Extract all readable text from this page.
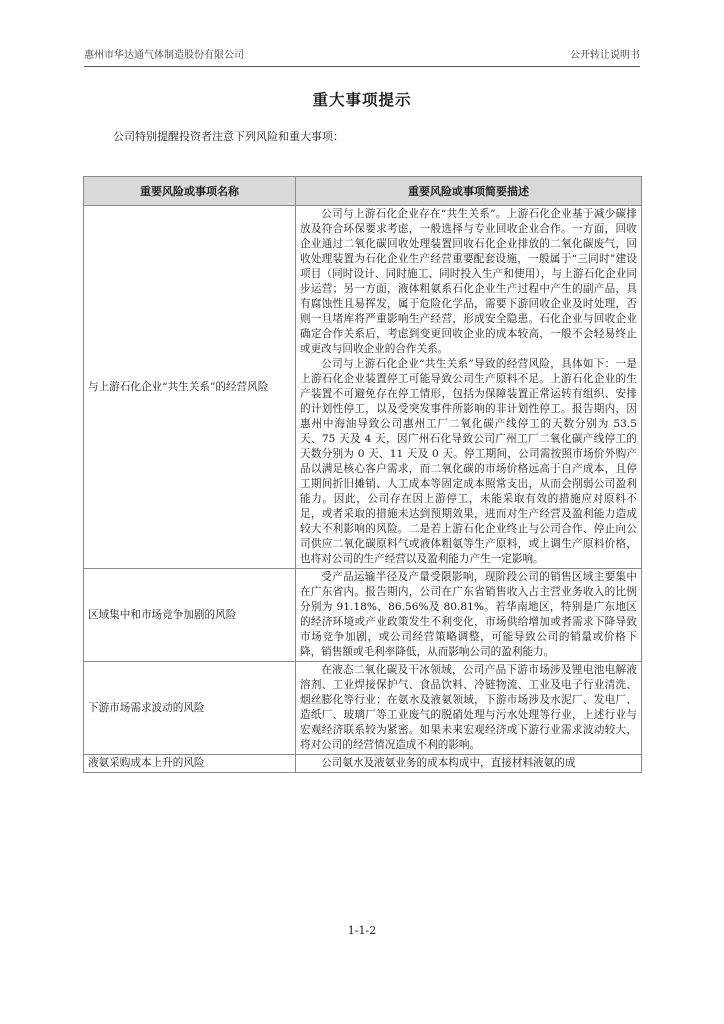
惠州市华达通气体制造股份有限公司	公开转让说明书
重大事项提示
公司特别提醒投资者注意下列风险和重大事项：
重要风险或事项名称	重要风险或事项简要描述
与上游石化企业“共生关系”的经营风险	公司与上游石化企业存在“共生关系”。上游石化企业基于减少碳排放及符合环保要求考虑，一般选择与专业回收企业合作。一方面，回收企业通过二氧化碳回收处理装置回收石化企业排放的二氧化碳废气，回收处理装置为石化企业生产经营重要配套设施，一般属于“三同时”建设项目（同时设计、同时施工、同时投入生产和使用），与上游石化企业同步运营；另一方面，液体粗氨系石化企业生产过程中产生的副产品，具有腐蚀性且易挥发，属于危险化学品，需要下游回收企业及时处理，否则一旦堵库将严重影响生产经营，形成安全隐患。石化企业与回收企业确定合作关系后，考虑到变更回收企业的成本较高，一般不会轻易终止或更改与回收企业的合作关系。

公司与上游石化企业“共生关系”导致的经营风险，具体如下：一是上游石化企业装置停工可能导致公司生产原料不足。上游石化企业的生产装置不可避免存在停工情形，包括为保障装置正常运转有组织、安排的计划性停工，以及受突发事件所影响的非计划性停工。报告期内，因惠州中海油导致公司惠州工厂二氧化碳产线停工的天数分别为 53.5 天、75 天及 4 天，因广州石化导致公司广州工厂二氧化碳产线停工的天数分别为 0 天、11 天及 0 天。停工期间，公司需按照市场价外购产品以满足核心客户需求，而二氧化碳的市场价格远高于自产成本，且停工期间折旧摊销、人工成本等固定成本照常支出，从而会削弱公司盈利能力。因此，公司存在因上游停工，未能采取有效的措施应对原料不足，或者采取的措施未达到预期效果，进而对生产经营及盈利能力造成较大不利影响的风险。二是若上游石化企业终止与公司合作、停止向公司供应二氧化碳原料气或液体粗氨等生产原料，或上调生产原料价格，也将对公司的生产经营以及盈利能力产生一定影响。

区域集中和市场竞争加剧的风险	受产品运输半径及产量受限影响，现阶段公司的销售区域主要集中在广东省内。报告期内，公司在广东省销售收入占主营业务收入的比例分别为 91.18%、86.56%及 80.81%。若华南地区，特别是广东地区的经济环境或产业政策发生不利变化，市场供给增加或者需求下降导致市场竞争加剧，或公司经营策略调整，可能导致公司的销量或价格下降，销售额或毛利率降低，从而影响公司的盈利能力。

下游市场需求波动的风险	在液态二氧化碳及干冰领域，公司产品下游市场涉及锂电池电解液溶剂、工业焊接保护气、食品饮料、冷链物流、工业及电子行业清洗、烟丝膨化等行业；在氨水及液氨领域，下游市场涉及水泥厂、发电厂、造纸厂、玻璃厂等工业废气的脱硝处理与污水处理等行业，上述行业与宏观经济联系较为紧密。如果未来宏观经济或下游行业需求波动较大，将对公司的经营情况造成不利的影响。

液氨采购成本上升的风险	公司氨水及液氨业务的成本构成中，直接材料液氨的成

1-1-2
